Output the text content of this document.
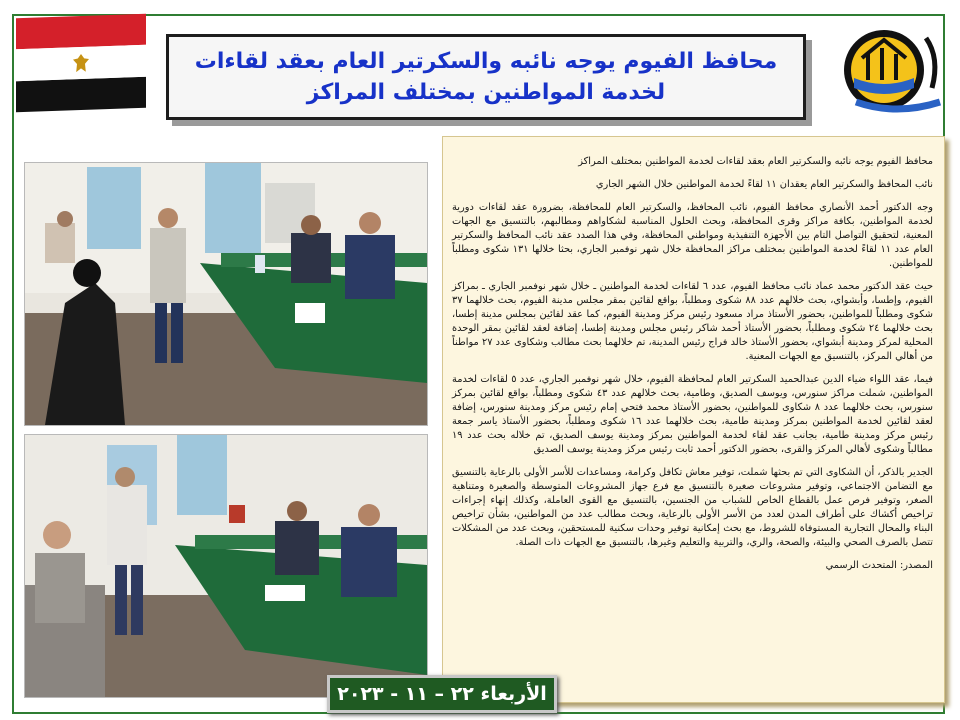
محافظ الفيوم يوجه نائبه والسكرتير العام بعقد لقاءات لخدمة المواطنين بمختلف المراكز

محافظ الفيوم يوجه نائبه والسكرتير العام بعقد لقاءات لخدمة المواطنين بمختلف المراكز

نائب المحافظ والسكرتير العام يعقدان ١١ لقاءً لخدمة المواطنين خلال الشهر الجاري

وجه الدكتور أحمد الأنصاري محافظ الفيوم، نائب المحافظ، والسكرتير العام للمحافظة، بضرورة عقد لقاءات دورية لخدمة المواطنين، بكافة مراكز وقرى المحافظة، وبحث الحلول المناسبة لشكاواهم ومطالبهم، بالتنسيق مع الجهات المعنية، لتحقيق التواصل التام بين الأجهزة التنفيذية ومواطني المحافظة، وفي هذا الصدد عقد نائب المحافظ والسكرتير العام عدد ١١ لقاءً لخدمة المواطنين بمختلف مراكز المحافظة خلال شهر نوفمبر الجاري، بحثا خلالها ١٣١ شكوى ومطلباً للمواطنين.

حيث عقد الدكتور محمد عماد نائب محافظ الفيوم، عدد ٦ لقاءات لخدمة المواطنين ـ خلال شهر نوفمبر الجاري ـ بمراكز الفيوم، وإطسا، وأبشواي، بحث خلالهم عدد ٨٨ شكوى ومطلباً، بواقع لقائين بمقر مجلس مدينة الفيوم، بحث خلالهما ٣٧ شكوى ومطلباً للمواطنين، بحضور الأستاذ مراد مسعود رئيس مركز ومدينة الفيوم، كما عقد لقائين بمجلس مدينة إطسا، بحث خلالهما ٢٤ شكوى ومطلباً، بحضور الأستاذ أحمد شاكر رئيس مجلس ومدينة إطسا، إضافة لعقد لقائين بمقر الوحدة المحلية لمركز ومدينة أبشواي، بحضور الأستاذ خالد فراج رئيس المدينة، تم خلالهما بحث مطالب وشكاوى عدد ٢٧ مواطناً من أهالي المركز، بالتنسيق مع الجهات المعنية.

فيما، عقد اللواء ضياء الدين عبدالحميد السكرتير العام لمحافظة الفيوم، خلال شهر نوفمبر الجاري، عدد ٥ لقاءات لخدمة المواطنين، شملت مراكز سنورس، ويوسف الصديق، وطامية، بحث خلالهم عدد ٤٣ شكوى ومطلباً، بواقع لقائين بمركز سنورس، بحث خلالهما عدد ٨ شكاوى للمواطنين، بحضور الأستاذ محمد فتحي إمام رئيس مركز ومدينة سنورس، إضافة لعقد لقائين لخدمة المواطنين بمركز ومدينة طامية، بحث خلالهما عدد ١٦ شكوى ومطلباً، بحضور الأستاذ ياسر جمعة رئيس مركز ومدينة طامية، بجانب عقد لقاء لخدمة المواطنين بمركز ومدينة يوسف الصديق، تم خلاله بحث عدد ١٩ مطالباً وشكوى لأهالي المركز والقرى، بحضور الدكتور أحمد ثابت رئيس مركز ومدينة يوسف الصديق

الجدير بالذكر، أن الشكاوى التي تم بحثها شملت، توفير معاش تكافل وكرامة، ومساعدات للأسر الأولى بالرعاية بالتنسيق مع التضامن الاجتماعي، وتوفير مشروعات صغيرة بالتنسيق مع فرع جهاز المشروعات المتوسطة والصغيرة ومتناهية الصغر، وتوفير فرص عمل بالقطاع الخاص للشباب من الجنسين، بالتنسيق مع القوى العاملة، وكذلك إنهاء إجراءات تراخيص أكشاك على أطراف المدن لعدد من الأسر الأولى بالرعاية، وبحث مطالب عدد من المواطنين، بشأن تراخيص البناء والمحال التجارية المستوفاة للشروط، مع بحث إمكانية توفير وحدات سكنية للمستحقين، وبحث عدد من المشكلات تتصل بالصرف الصحي والبيئة، والصحة، والري، والتربية والتعليم وغيرها، بالتنسيق مع الجهات ذات الصلة.

المصدر: المتحدث الرسمي

الأربعاء ٢٢ – ١١ - ٢٠٢٣
